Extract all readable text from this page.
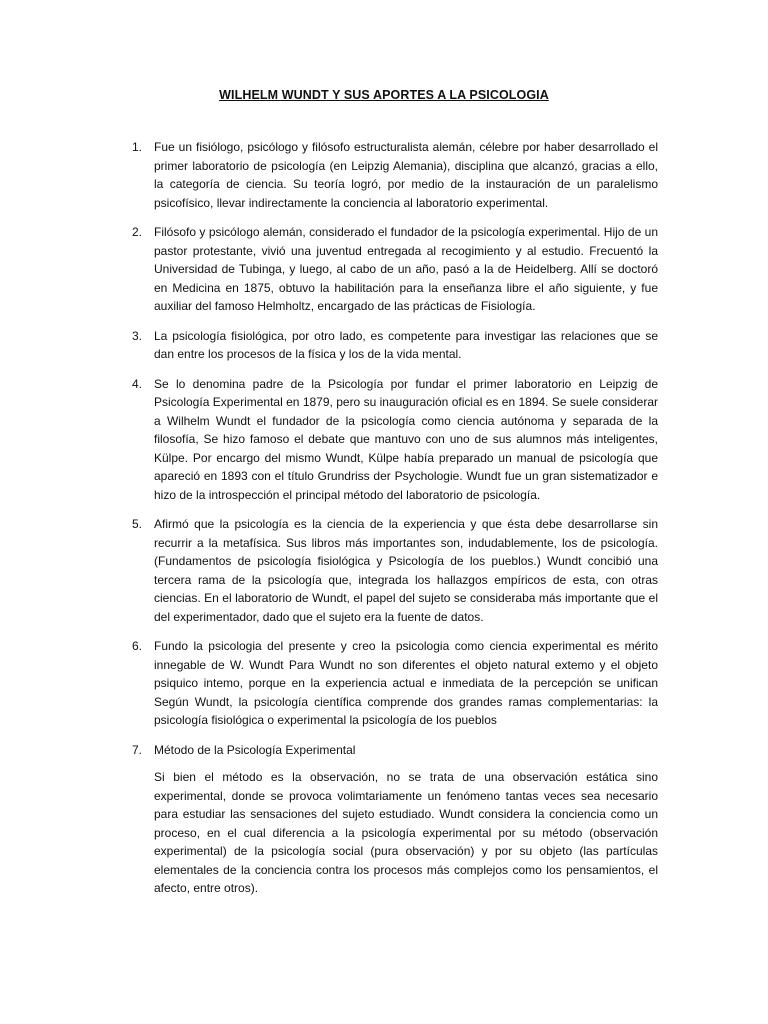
WILHELM WUNDT Y SUS APORTES A LA PSICOLOGIA
1. Fue un fisiólogo, psicólogo y filósofo estructuralista alemán, célebre por haber desarrollado el primer laboratorio de psicología (en Leipzig Alemania), disciplina que alcanzó, gracias a ello, la categoría de ciencia. Su teoría logró, por medio de la instauración de un paralelismo psicofísico, llevar indirectamente la conciencia al laboratorio experimental.

2. Filósofo y psicólogo alemán, considerado el fundador de la psicología experimental. Hijo de un pastor protestante, vivió una juventud entregada al recogimiento y al estudio. Frecuentó la Universidad de Tubinga, y luego, al cabo de un año, pasó a la de Heidelberg. Allí se doctoró en Medicina en 1875, obtuvo la habilitación para la enseñanza libre el año siguiente, y fue auxiliar del famoso Helmholtz, encargado de las prácticas de Fisiología.

3. La psicología fisiológica, por otro lado, es competente para investigar las relaciones que se dan entre los procesos de la física y los de la vida mental.

4. Se lo denomina padre de la Psicología por fundar el primer laboratorio en Leipzig de Psicología Experimental en 1879, pero su inauguración oficial es en 1894. Se suele considerar a Wilhelm Wundt el fundador de la psicología como ciencia autónoma y separada de la filosofía, Se hizo famoso el debate que mantuvo con uno de sus alumnos más inteligentes, Külpe. Por encargo del mismo Wundt, Külpe había preparado un manual de psicología que apareció en 1893 con el título Grundriss der Psychologie. Wundt fue un gran sistematizador e hizo de la introspección el principal método del laboratorio de psicología.

5. Afirmó que la psicología es la ciencia de la experiencia y que ésta debe desarrollarse sin recurrir a la metafísica. Sus libros más importantes son, indudablemente, los de psicología. (Fundamentos de psicología fisiológica y Psicología de los pueblos.) Wundt concibió una tercera rama de la psicología que, integrada los hallazgos empíricos de esta, con otras ciencias. En el laboratorio de Wundt, el papel del sujeto se consideraba más importante que el del experimentador, dado que el sujeto era la fuente de datos.

6. Fundo la psicologia del presente y creo la psicologia como ciencia experimental es mérito innegable de W. Wundt Para Wundt no son diferentes el objeto natural extemo y el objeto psiquico intemo, porque en la experiencia actual e inmediata de la percepción se unifican Según Wundt, la psicología científica comprende dos grandes ramas complementarias: la psicología fisiológica o experimental la psicología de los pueblos

7. Método de la Psicología Experimental

Si bien el método es la observación, no se trata de una observación estática sino experimental, donde se provoca volimtariamente un fenómeno tantas veces sea necesario para estudiar las sensaciones del sujeto estudiado. Wundt considera la conciencia como un proceso, en el cual diferencia a la psicología experimental por su método (observación experimental) de la psicología social (pura observación) y por su objeto (las partículas elementales de la conciencia contra los procesos más complejos como los pensamientos, el afecto, entre otros).
